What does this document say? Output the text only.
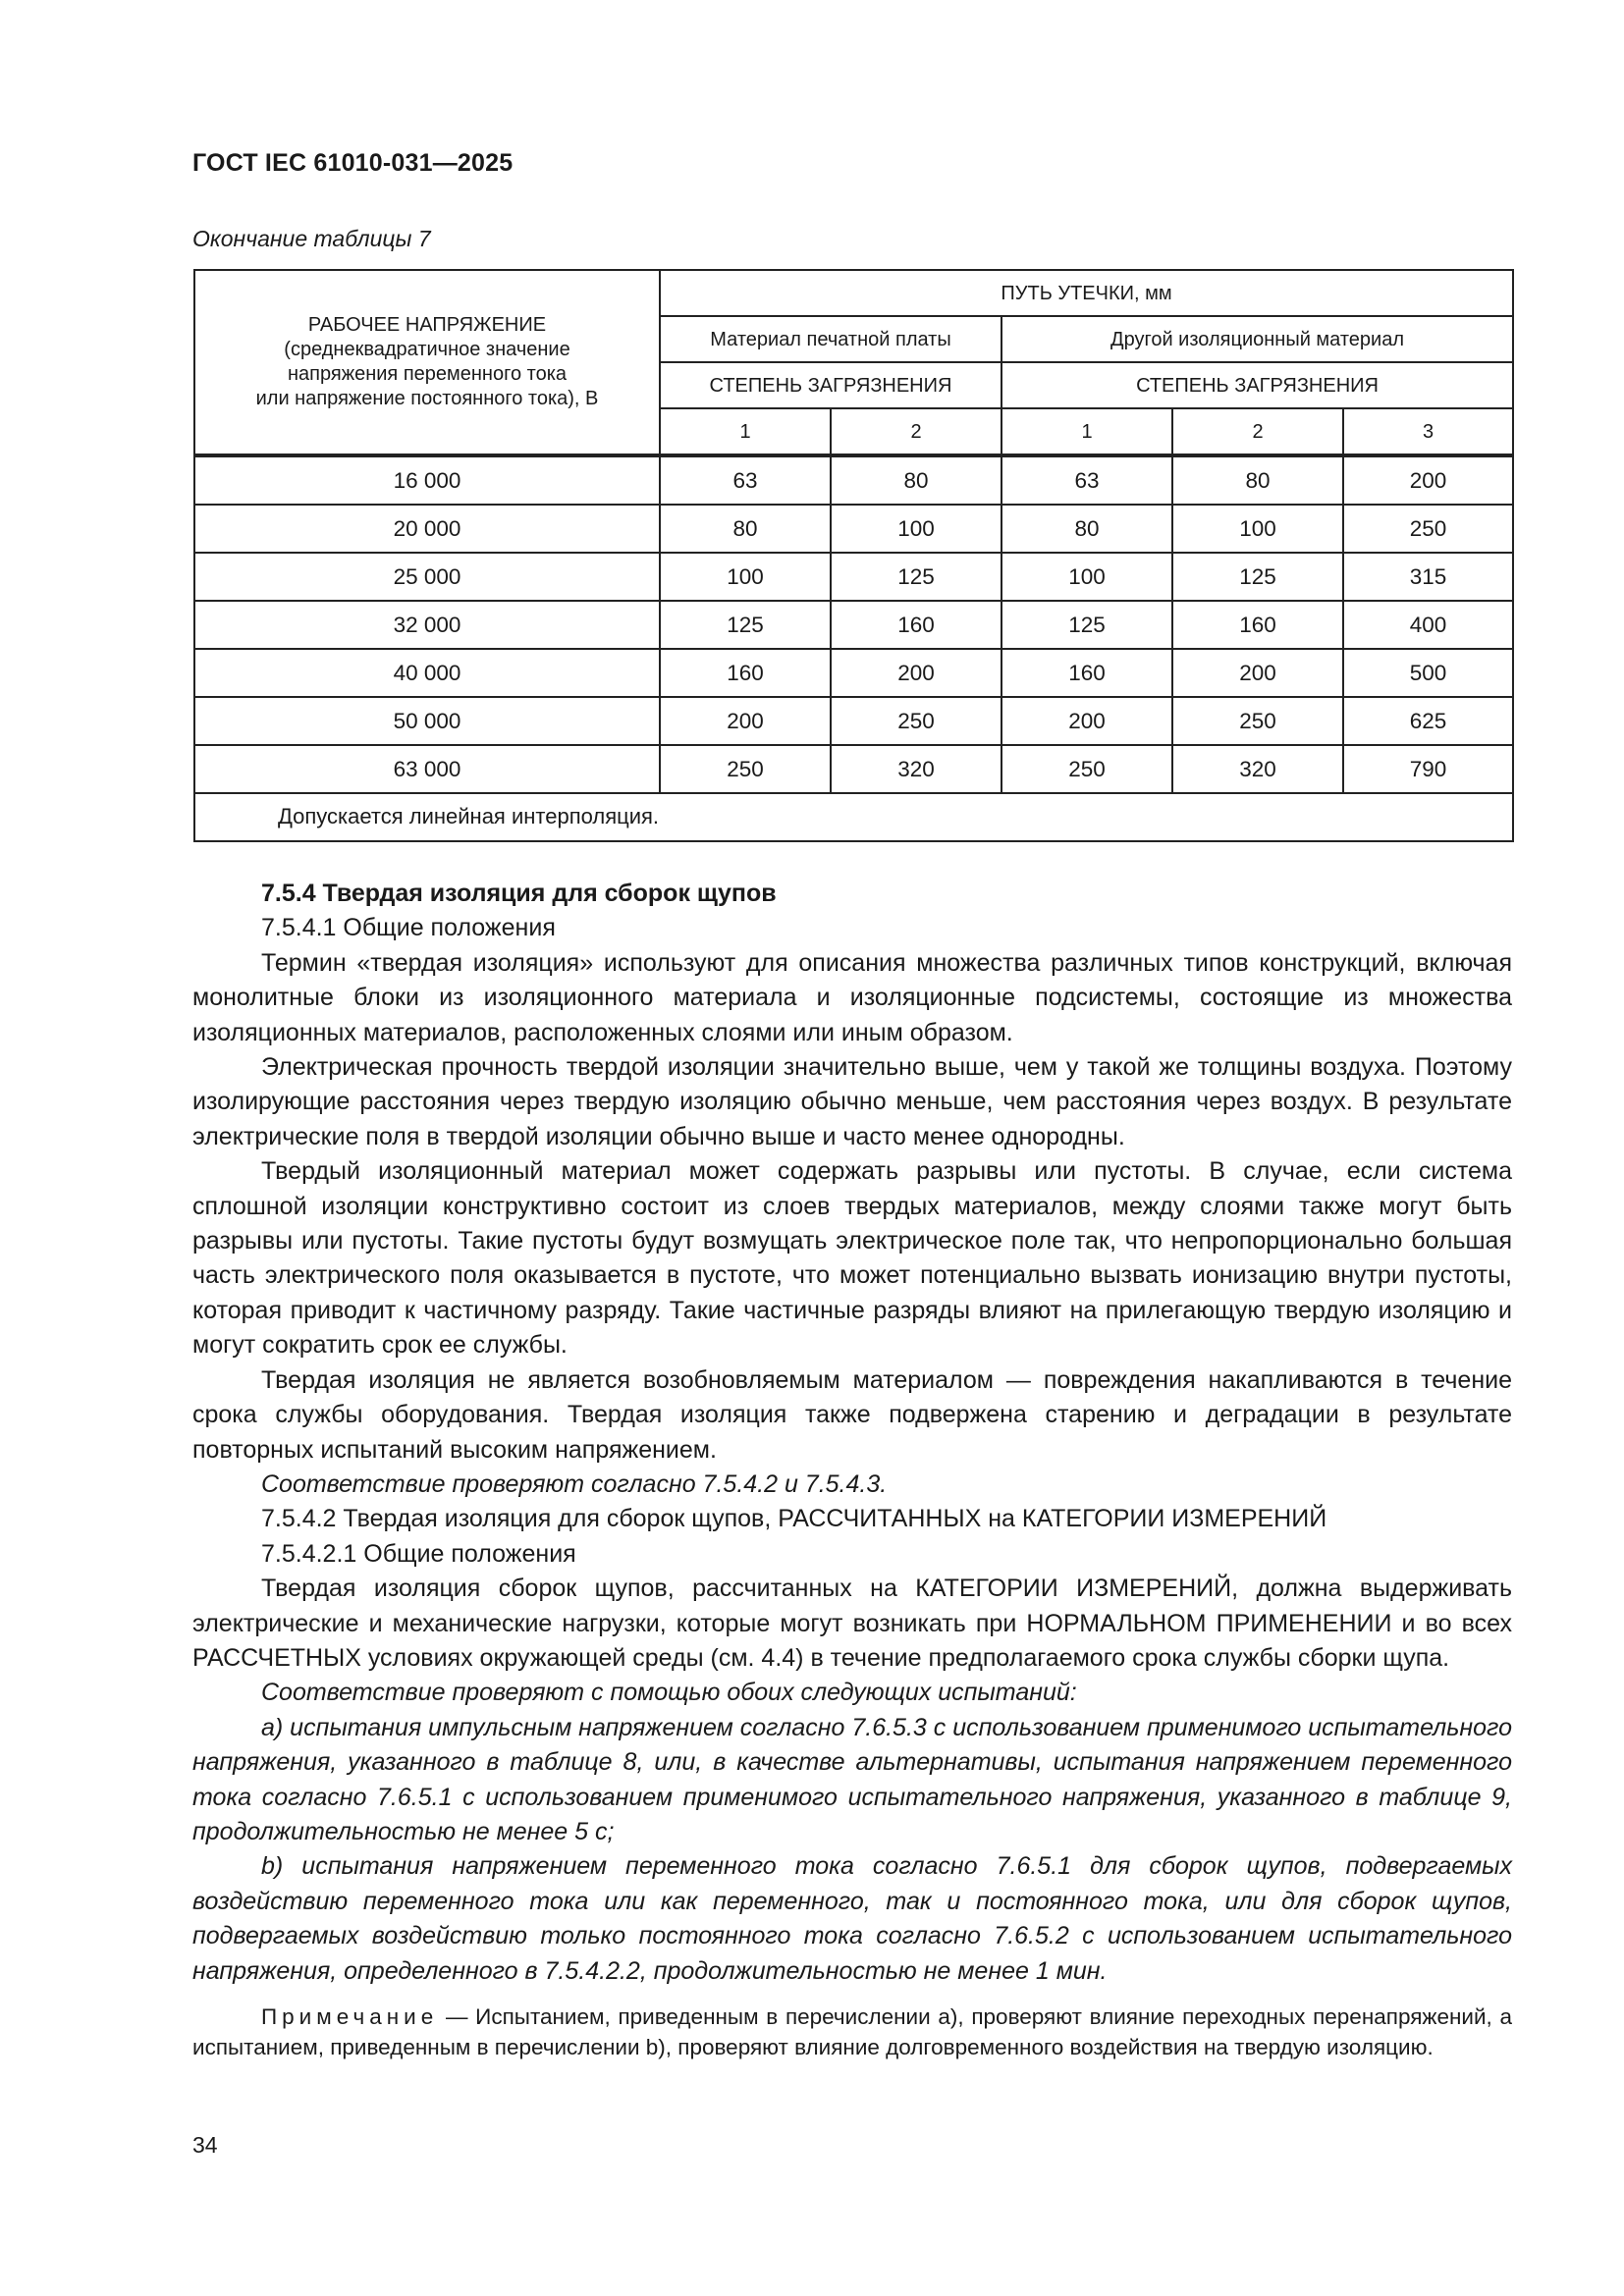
ГОСТ IEC 61010-031—2025
Окончание таблицы 7
РАБОЧЕЕ НАПРЯЖЕНИЕ
(среднеквадратичное значение
напряжения переменного тока
или напряжение постоянного тока), В	ПУТЬ УТЕЧКИ, мм				
	Материал печатной платы		Другой изоляционный материал		
	СТЕПЕНЬ ЗАГРЯЗНЕНИЯ		СТЕПЕНЬ ЗАГРЯЗНЕНИЯ		
	1	2	1	2	3
16 000	63	80	63	80	200
20 000	80	100	80	100	250
25 000	100	125	100	125	315
32 000	125	160	125	160	400
40 000	160	200	160	200	500
50 000	200	250	200	250	625
63 000	250	320	250	320	790
Допускается линейная интерполяция.					

7.5.4 Твердая изоляция для сборок щупов

7.5.4.1 Общие положения

Термин «твердая изоляция» используют для описания множества различных типов конструкций, включая монолитные блоки из изоляционного материала и изоляционные подсистемы, состоящие из множества изоляционных материалов, расположенных слоями или иным образом.

Электрическая прочность твердой изоляции значительно выше, чем у такой же толщины воздуха. Поэтому изолирующие расстояния через твердую изоляцию обычно меньше, чем расстояния через воздух. В результате электрические поля в твердой изоляции обычно выше и часто менее однородны.

Твердый изоляционный материал может содержать разрывы или пустоты. В случае, если система сплошной изоляции конструктивно состоит из слоев твердых материалов, между слоями также могут быть разрывы или пустоты. Такие пустоты будут возмущать электрическое поле так, что непропорционально большая часть электрического поля оказывается в пустоте, что может потенциально вызвать ионизацию внутри пустоты, которая приводит к частичному разряду. Такие частичные разряды влияют на прилегающую твердую изоляцию и могут сократить срок ее службы.

Твердая изоляция не является возобновляемым материалом — повреждения накапливаются в течение срока службы оборудования. Твердая изоляция также подвержена старению и деградации в результате повторных испытаний высоким напряжением.

Соответствие проверяют согласно 7.5.4.2 и 7.5.4.3.

7.5.4.2 Твердая изоляция для сборок щупов, РАССЧИТАННЫХ на КАТЕГОРИИ ИЗМЕРЕНИЙ

7.5.4.2.1 Общие положения

Твердая изоляция сборок щупов, рассчитанных на КАТЕГОРИИ ИЗМЕРЕНИЙ, должна выдерживать электрические и механические нагрузки, которые могут возникать при НОРМАЛЬНОМ ПРИМЕНЕНИИ и во всех РАССЧЕТНЫХ условиях окружающей среды (см. 4.4) в течение предполагаемого срока службы сборки щупа.

Соответствие проверяют с помощью обоих следующих испытаний:

a) испытания импульсным напряжением согласно 7.6.5.3 с использованием применимого испытательного напряжения, указанного в таблице 8, или, в качестве альтернативы, испытания напряжением переменного тока согласно 7.6.5.1 с использованием применимого испытательного напряжения, указанного в таблице 9, продолжительностью не менее 5 с;

b) испытания напряжением переменного тока согласно 7.6.5.1 для сборок щупов, подвергаемых воздействию переменного тока или как переменного, так и постоянного тока, или для сборок щупов, подвергаемых воздействию только постоянного тока согласно 7.6.5.2 с использованием испытательного напряжения, определенного в 7.5.4.2.2, продолжительностью не менее 1 мин.

Примечание — Испытанием, приведенным в перечислении a), проверяют влияние переходных перенапряжений, а испытанием, приведенным в перечислении b), проверяют влияние долговременного воздействия на твердую изоляцию.

34
